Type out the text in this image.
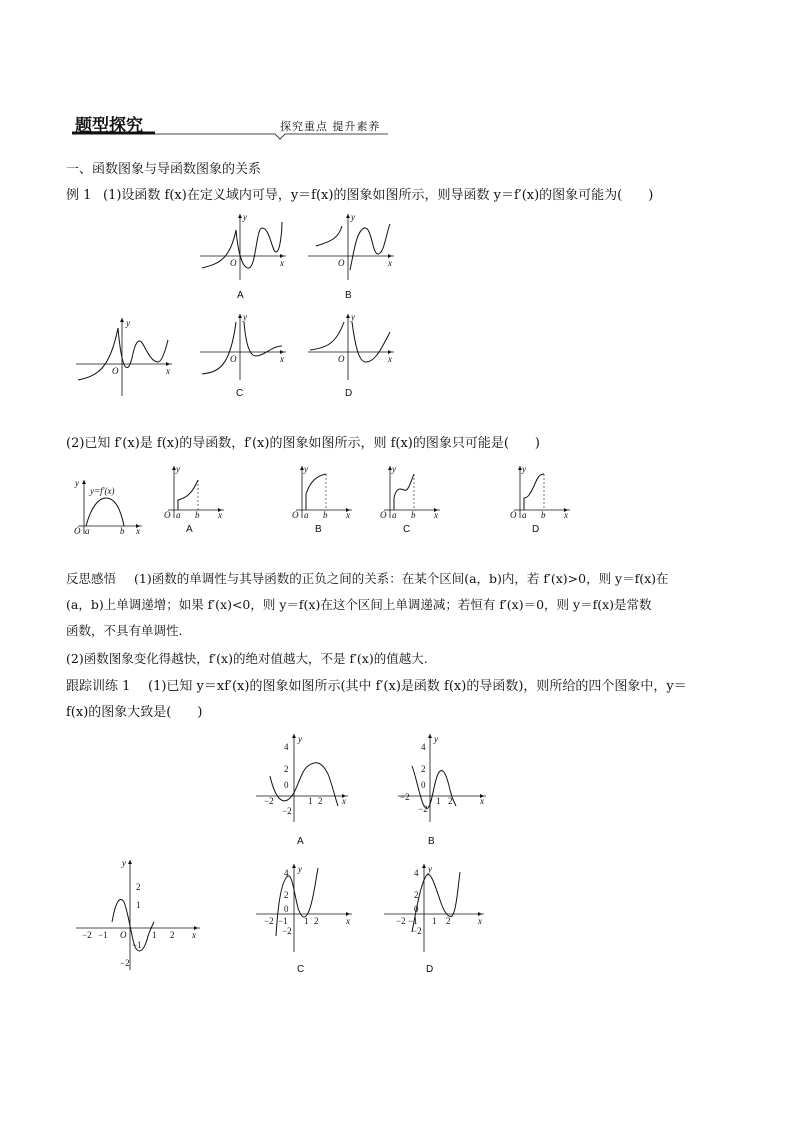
题型探究	探究重点 提升素养
一、函数图象与导函数图象的关系
例 1 (1)设函数 f(x)在定义域内可导，y＝f(x)的图象如图所示，则导函数 y＝f′(x)的图象可能为(　　)
y
x
O
A
y
x
O
B
y
x
O
y
x
O
C
y
x
O
D
(2)已知 f′(x)是 f(x)的导函数，f′(x)的图象如图所示，则 f(x)的图象只可能是(　　)
y
y=f′(x)
O a	b x
y
O a b x
A
y
O a b x
B
y
O a b x
C
y
O a b x
D
反思感悟 (1)函数的单调性与其导函数的正负之间的关系：在某个区间(a，b)内，若 f′(x)>0，则 y＝f(x)在
(a，b)上单调递增；如果 f′(x)<0，则 y＝f(x)在这个区间上单调递减；若恒有 f′(x)＝0，则 y＝f(x)是常数
函数，不具有单调性.
(2)函数图象变化得越快，f′(x)的绝对值越大，不是 f′(x)的值越大.
跟踪训练 1 (1)已知 y＝xf′(x)的图象如图所示(其中 f′(x)是函数 f(x)的导函数)，则所给的四个图象中，y＝
f(x)的图象大致是(　　)
4
2
0
−2
−2	1 2
y
x
A
4
2
0
−2
−2	1 2
y
x
B
2
1
−1
−2
−2 −1	1 2
O
y
x
4
2
0
−2
−2 −1 1 2
y
x
C
4
2
0
−2
−2 −1 1 2
y
x
D
